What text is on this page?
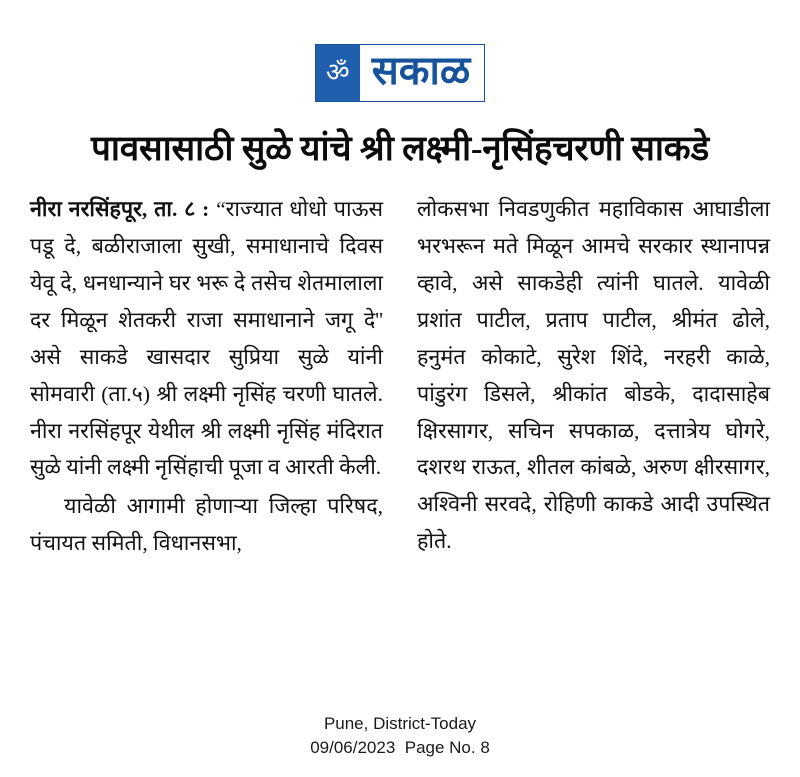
ॐ सकाळ
पावसासाठी सुळे यांचे श्री लक्ष्मी-नृसिंहचरणी साकडे

नीरा नरसिंहपूर, ता. ८ : “राज्यात धोधो पाऊस पडू दे, बळीराजाला सुखी, समाधानाचे दिवस येवू दे, धनधान्याने घर भरू दे तसेच शेतमालाला दर मिळून शेतकरी राजा समाधानाने जगू दे'' असे साकडे खासदार सुप्रिया सुळे यांनी सोमवारी (ता.५) श्री लक्ष्मी नृसिंह चरणी घातले. नीरा नरसिंहपूर येथील श्री लक्ष्मी नृसिंह मंदिरात सुळे यांनी लक्ष्मी नृसिंहाची पूजा व आरती केली.

यावेळी आगामी होणाऱ्या जिल्हा परिषद, पंचायत समिती, विधानसभा,

लोकसभा निवडणुकीत महाविकास आघाडीला भरभरून मते मिळून आमचे सरकार स्थानापन्न व्हावे, असे साकडेही त्यांनी घातले. यावेळी प्रशांत पाटील, प्रताप पाटील, श्रीमंत ढोले, हनुमंत कोकाटे, सुरेश शिंदे, नरहरी काळे, पांडुरंग डिसले, श्रीकांत बोडके, दादासाहेब क्षिरसागर, सचिन सपकाळ, दत्तात्रेय घोगरे, दशरथ राऊत, शीतल कांबळे, अरुण क्षीरसागर, अश्विनी सरवदे, रोहिणी काकडे आदी उपस्थित होते.

Pune, District-Today
09/06/2023  Page No. 8
